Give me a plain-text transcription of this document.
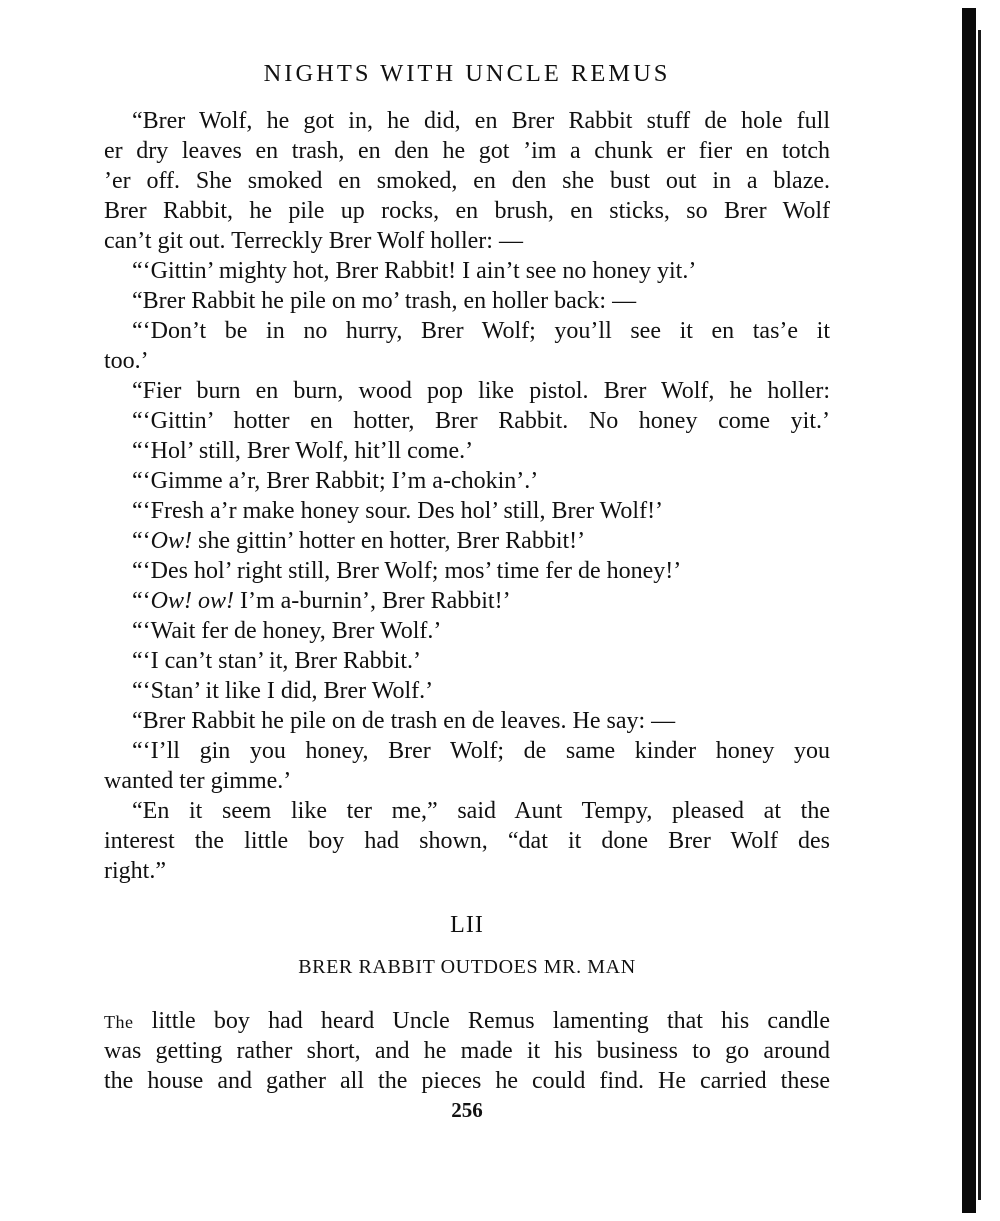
NIGHTS WITH UNCLE REMUS
“Brer Wolf, he got in, he did, en Brer Rabbit stuff de hole full
er dry leaves en trash, en den he got ’im a chunk er fier en totch
’er off. She smoked en smoked, en den she bust out in a blaze.
Brer Rabbit, he pile up rocks, en brush, en sticks, so Brer Wolf
can’t git out. Terreckly Brer Wolf holler: —
“‘Gittin’ mighty hot, Brer Rabbit! I ain’t see no honey yit.’
“Brer Rabbit he pile on mo’ trash, en holler back: —
“‘Don’t be in no hurry, Brer Wolf; you’ll see it en tas’e it
too.’
“Fier burn en burn, wood pop like pistol. Brer Wolf, he holler:
“‘Gittin’ hotter en hotter, Brer Rabbit. No honey come yit.’
“‘Hol’ still, Brer Wolf, hit’ll come.’
“‘Gimme a’r, Brer Rabbit; I’m a-chokin’.’
“‘Fresh a’r make honey sour. Des hol’ still, Brer Wolf!’
“‘Ow! she gittin’ hotter en hotter, Brer Rabbit!’
“‘Des hol’ right still, Brer Wolf; mos’ time fer de honey!’
“‘Ow! ow! I’m a-burnin’, Brer Rabbit!’
“‘Wait fer de honey, Brer Wolf.’
“‘I can’t stan’ it, Brer Rabbit.’
“‘Stan’ it like I did, Brer Wolf.’
“Brer Rabbit he pile on de trash en de leaves. He say: —
“‘I’ll gin you honey, Brer Wolf; de same kinder honey you
wanted ter gimme.’
“En it seem like ter me,” said Aunt Tempy, pleased at the
interest the little boy had shown, “dat it done Brer Wolf des
right.”
LII
BRER RABBIT OUTDOES MR. MAN
The little boy had heard Uncle Remus lamenting that his candle
was getting rather short, and he made it his business to go around
the house and gather all the pieces he could find. He carried these
256
